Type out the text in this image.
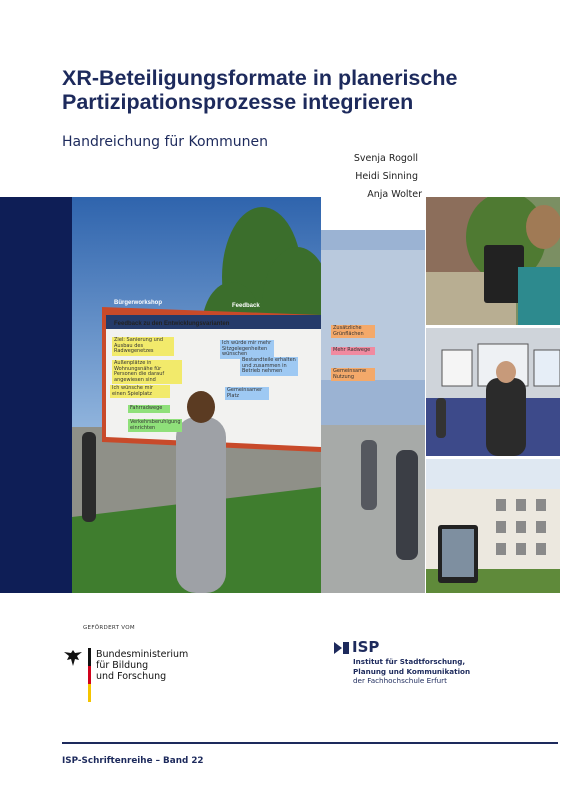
XR-Beteiligungsformate in planerische Partizipationsprozesse integrieren
Handreichung für Kommunen
Svenja Rogoll
Heidi Sinning
Anja Wolter
Bürgerworkshop	Feedback
Feedback zu den Entwicklungsvarianten
Ziel: Sanierung und Ausbau des Radwegenetzes
Außenplätze in Wohnungsnähe für Personen die darauf angewiesen sind
Ich wünsche mir einen Spielplatz
Fahrradwege
Verkehrsberuhigung einrichten
Ich würde mir mehr Sitzgelegenheiten wünschen
Bestandteile erhalten und zusammen in Betrieb nehmen
Gemeinsamer Platz
Zusätzliche Grünflächen
Mehr Radwege
Gemeinsame Nutzung
GEFÖRDERT VOM
Bundesministerium
für Bildung
und Forschung
ISP
Institut für Stadtforschung,
Planung und Kommunikation
der Fachhochschule Erfurt
ISP-Schriftenreihe – Band 22
